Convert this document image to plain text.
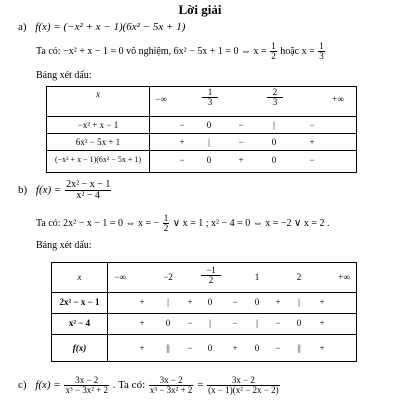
Lời giải
a) f(x) = (−x² + x − 1)(6x² − 5x + 1)
Ta có: −x² + x − 1 = 0 vô nghiệm, 6x² − 5x + 1 = 0 ⇔ $x = \frac{1}{2}$ hoặc $x = \frac{1}{3}$
Bảng xét dấu:
x	−∞	$\frac{1}{3}$	$\frac{2}{3}$	+∞
−x² + x − 1	−	0	−	|	−
6x² − 5x + 1	+	|	−	0	+
(−x² + x − 1)(6x² − 5x + 1)	−	0	+	0	−
b) $f(x) = \frac{\text{2x² − x − 1}}{\text{x² − 4}}$
Ta có: 2x² − x − 1 = 0 ⇔ x = − $\frac{1}{2}$ ∨ x = 1 ; x² − 4 = 0 ⇔ x = −2 ∨ x = 2 .
Bảng xét dấu:
x	−∞	−2	$\frac{-1}{2}$	1	2	+∞
2x² − x − 1	+	|	+	0	−	0	+	|	+
x² − 4	+	0	−	|	−	|	−	0	+
f(x)	+	||	−	0	+	0	−	||	+
c) $f(x) = \frac{3x - 2}{\text{x³ − 3x² + 2}}$ . Ta có: $\frac{3x - 2}{\text{x³ − 3x² + 2}} = \frac{3x - 2}{\text{(x − 1)(x² − 2x − 2)}}$
